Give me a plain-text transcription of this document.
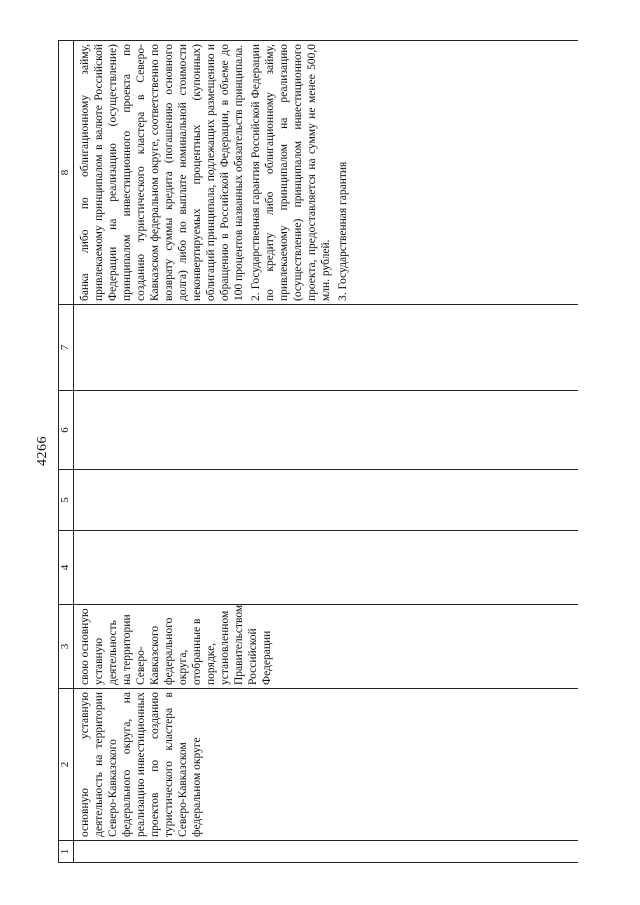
4266
1	2	3	4	5	6	7	8
	основную уставную деятельность на территории Северо-Кавказского федерального округа, на реализацию инвестиционных проектов по созданию туристического кластера в Северо-Кавказском федеральном округе	свою основную уставную деятельность на территории Северо-Кавказского федерального округа, отобранные в порядке, установленном Правительством Российской Федерации					банка либо по облигационному займу, привлекаемому принципалом в валюте Российской Федерации на реализацию (осуществление) принципалом инвестиционного проекта по созданию туристического кластера в Северо-Кавказском федеральном округе, соответственно по возврату суммы кредита (погашению основного долга) либо по выплате номинальной стоимости неконвертируемых процентных (купонных) облигаций принципала, подлежащих размещению и обращению в Российской Федерации, в объеме до 100 процентов названных обязательств принципала. 2. Государственная гарантия Российской Федерации по кредиту либо облигационному займу, привлекаемому принципалом на реализацию (осуществление) принципалом инвестиционного проекта, предоставляется на сумму не менее 500,0 млн. рублей. 3. Государственная гарантия
